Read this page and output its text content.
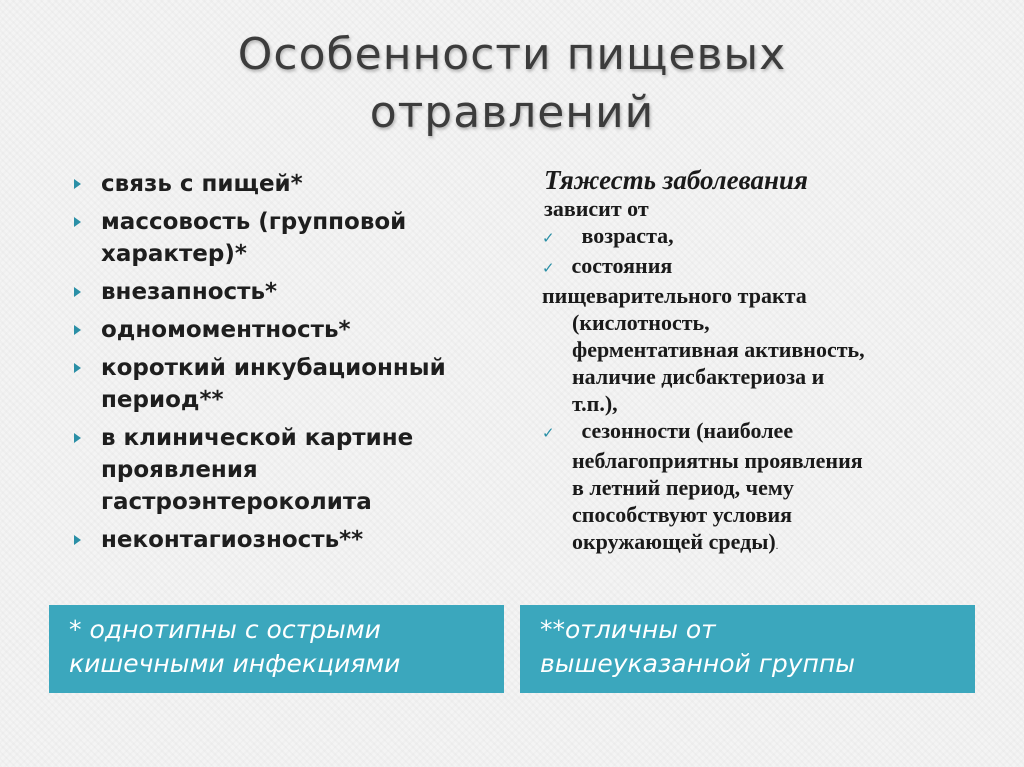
Особенности пищевых
отравлений
связь с пищей*
массовость (групповой
характер)*
внезапность*
одномоментность*
короткий инкубационный
период**
в клинической картине
проявления
гастроэнтероколита
неконтагиозность**
Тяжесть заболевания
зависит от
✓ возраста,
✓ состояния
пищеварительного тракта
(кислотность,
ферментативная активность,
наличие дисбактериоза и
т.п.),
✓ сезонности (наиболее
неблагоприятны проявления
в летний период, чему
способствуют условия
окружающей среды).
* однотипны с острыми
кишечными инфекциями
**отличны от
вышеуказанной группы
